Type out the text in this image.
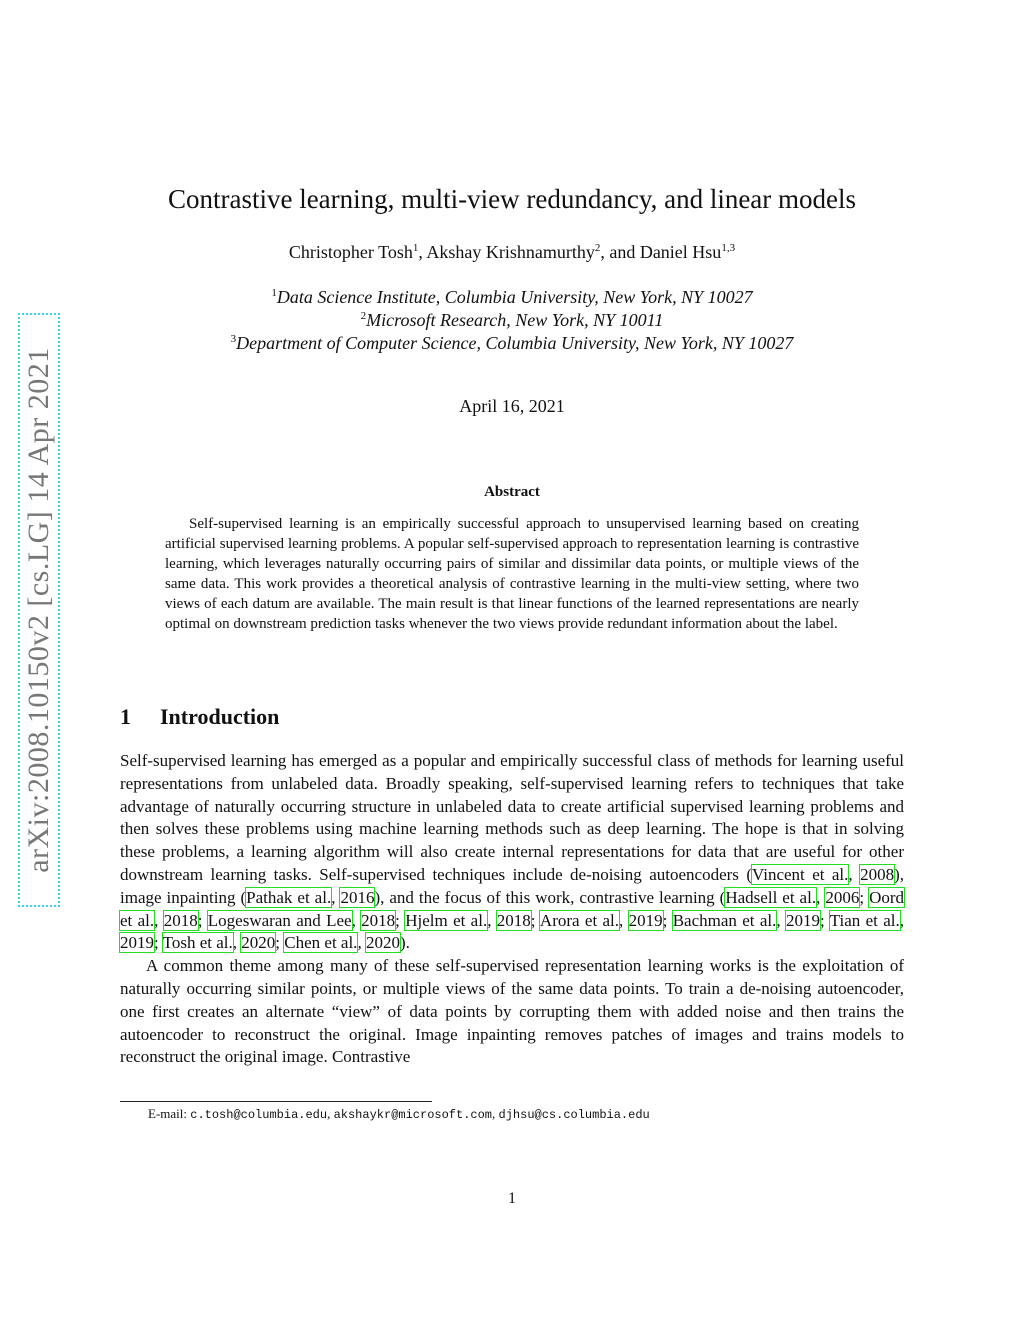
arXiv:2008.10150v2 [cs.LG] 14 Apr 2021
Contrastive learning, multi-view redundancy, and linear models
Christopher Tosh$^1$, Akshay Krishnamurthy$^2$, and Daniel Hsu$^{1,3}$
$^1$Data Science Institute, Columbia University, New York, NY 10027
$^2$Microsoft Research, New York, NY 10011
$^3$Department of Computer Science, Columbia University, New York, NY 10027
April 16, 2021
Abstract
Self-supervised learning is an empirically successful approach to unsupervised learning based on creating artificial supervised learning problems. A popular self-supervised approach to representation learning is contrastive learning, which leverages naturally occurring pairs of similar and dissimilar data points, or multiple views of the same data. This work provides a theoretical analysis of contrastive learning in the multi-view setting, where two views of each datum are available. The main result is that linear functions of the learned representations are nearly optimal on downstream prediction tasks whenever the two views provide redundant information about the label.
1 Introduction

Self-supervised learning has emerged as a popular and empirically successful class of methods for learning useful representations from unlabeled data. Broadly speaking, self-supervised learning refers to techniques that take advantage of naturally occurring structure in unlabeled data to create artificial supervised learning problems and then solves these problems using machine learning methods such as deep learning. The hope is that in solving these problems, a learning algorithm will also create internal representations for data that are useful for other downstream learning tasks. Self-supervised techniques include de-noising autoencoders (Vincent et al., 2008), image inpainting (Pathak et al., 2016), and the focus of this work, contrastive learning (Hadsell et al., 2006; Oord et al., 2018; Logeswaran and Lee, 2018; Hjelm et al., 2018; Arora et al., 2019; Bachman et al., 2019; Tian et al., 2019; Tosh et al., 2020; Chen et al., 2020).

A common theme among many of these self-supervised representation learning works is the exploitation of naturally occurring similar points, or multiple views of the same data points. To train a de-noising autoencoder, one first creates an alternate “view” of data points by corrupting them with added noise and then trains the autoencoder to reconstruct the original. Image inpainting removes patches of images and trains models to reconstruct the original image. Contrastive

E-mail: c.tosh@columbia.edu, akshaykr@microsoft.com, djhsu@cs.columbia.edu
1
